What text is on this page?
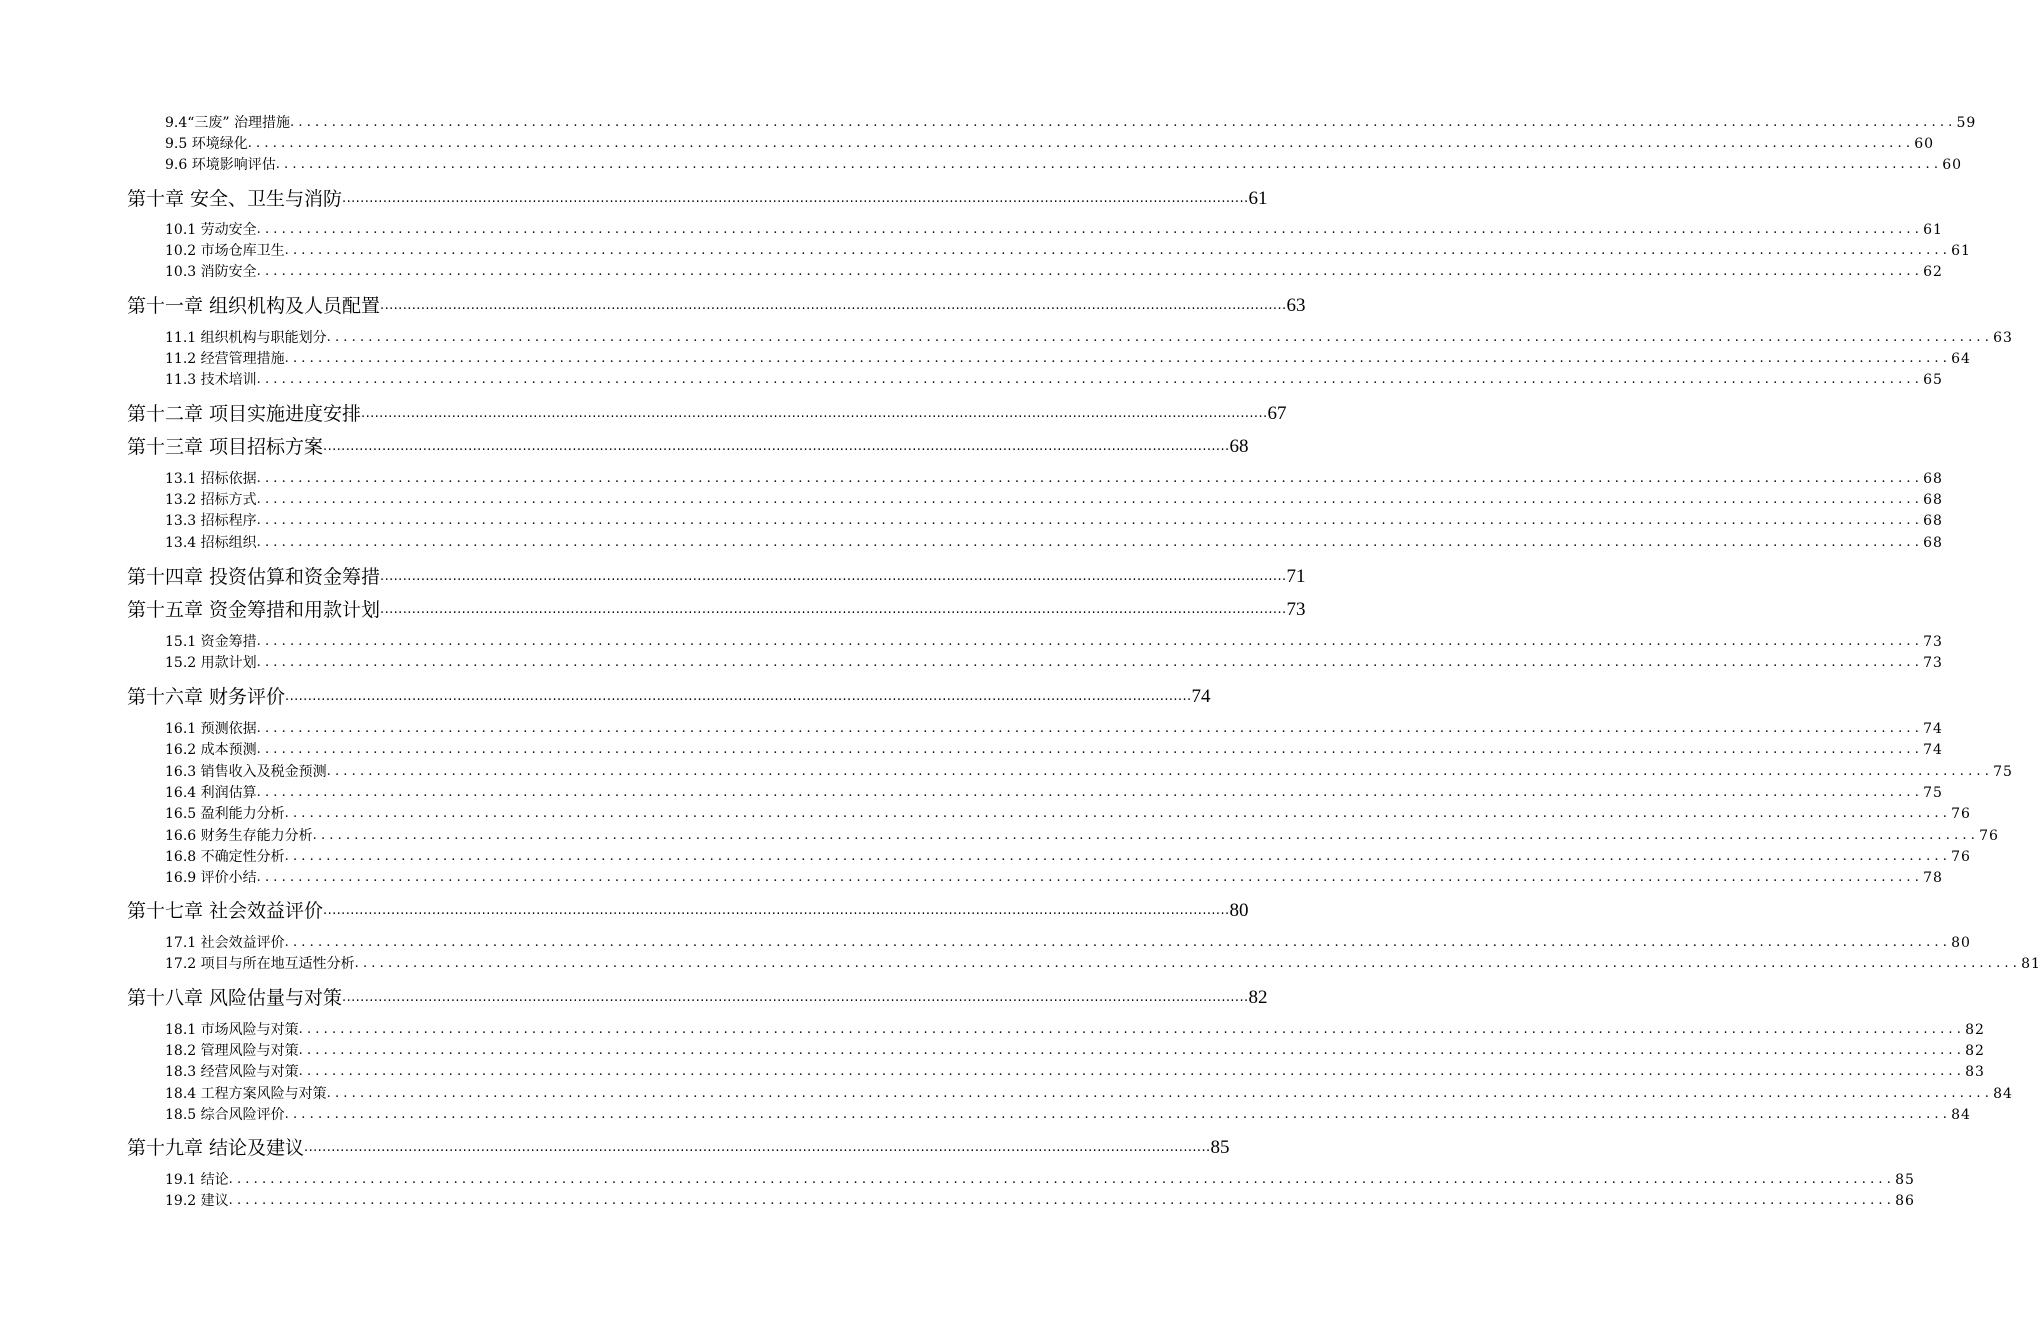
9.4“三废” 治理措施 ........................................................................................................................................................................................................ 59
9.5 环境绿化 ........................................................................................................................................................................................................ 60
9.6 环境影响评估 ........................................................................................................................................................................................................ 60
第十章 安全、卫生与消防 ........................................................................................................................................................................................................ 61
10.1 劳动安全 ........................................................................................................................................................................................................ 61
10.2 市场仓库卫生 ........................................................................................................................................................................................................ 61
10.3 消防安全 ........................................................................................................................................................................................................ 62
第十一章 组织机构及人员配置 ........................................................................................................................................................................................................ 63
11.1 组织机构与职能划分 ........................................................................................................................................................................................................ 63
11.2 经营管理措施 ........................................................................................................................................................................................................ 64
11.3 技术培训 ........................................................................................................................................................................................................ 65
第十二章 项目实施进度安排 ........................................................................................................................................................................................................ 67
第十三章 项目招标方案 ........................................................................................................................................................................................................ 68
13.1 招标依据 ........................................................................................................................................................................................................ 68
13.2 招标方式 ........................................................................................................................................................................................................ 68
13.3 招标程序 ........................................................................................................................................................................................................ 68
13.4 招标组织 ........................................................................................................................................................................................................ 68
第十四章 投资估算和资金筹措 ........................................................................................................................................................................................................ 71
第十五章 资金筹措和用款计划 ........................................................................................................................................................................................................ 73
15.1 资金筹措 ........................................................................................................................................................................................................ 73
15.2 用款计划 ........................................................................................................................................................................................................ 73
第十六章 财务评价 ........................................................................................................................................................................................................ 74
16.1 预测依据 ........................................................................................................................................................................................................ 74
16.2 成本预测 ........................................................................................................................................................................................................ 74
16.3 销售收入及税金预测 ........................................................................................................................................................................................................ 75
16.4 利润估算 ........................................................................................................................................................................................................ 75
16.5 盈利能力分析 ........................................................................................................................................................................................................ 76
16.6 财务生存能力分析 ........................................................................................................................................................................................................ 76
16.8 不确定性分析 ........................................................................................................................................................................................................ 76
16.9 评价小结 ........................................................................................................................................................................................................ 78
第十七章 社会效益评价 ........................................................................................................................................................................................................ 80
17.1 社会效益评价 ........................................................................................................................................................................................................ 80
17.2 项目与所在地互适性分析 ........................................................................................................................................................................................................ 81
第十八章 风险估量与对策 ........................................................................................................................................................................................................ 82
18.1 市场风险与对策 ........................................................................................................................................................................................................ 82
18.2 管理风险与对策 ........................................................................................................................................................................................................ 82
18.3 经营风险与对策 ........................................................................................................................................................................................................ 83
18.4 工程方案风险与对策 ........................................................................................................................................................................................................ 84
18.5 综合风险评价 ........................................................................................................................................................................................................ 84
第十九章 结论及建议 ........................................................................................................................................................................................................ 85
19.1 结论 ........................................................................................................................................................................................................ 85
19.2 建议 ........................................................................................................................................................................................................ 86
